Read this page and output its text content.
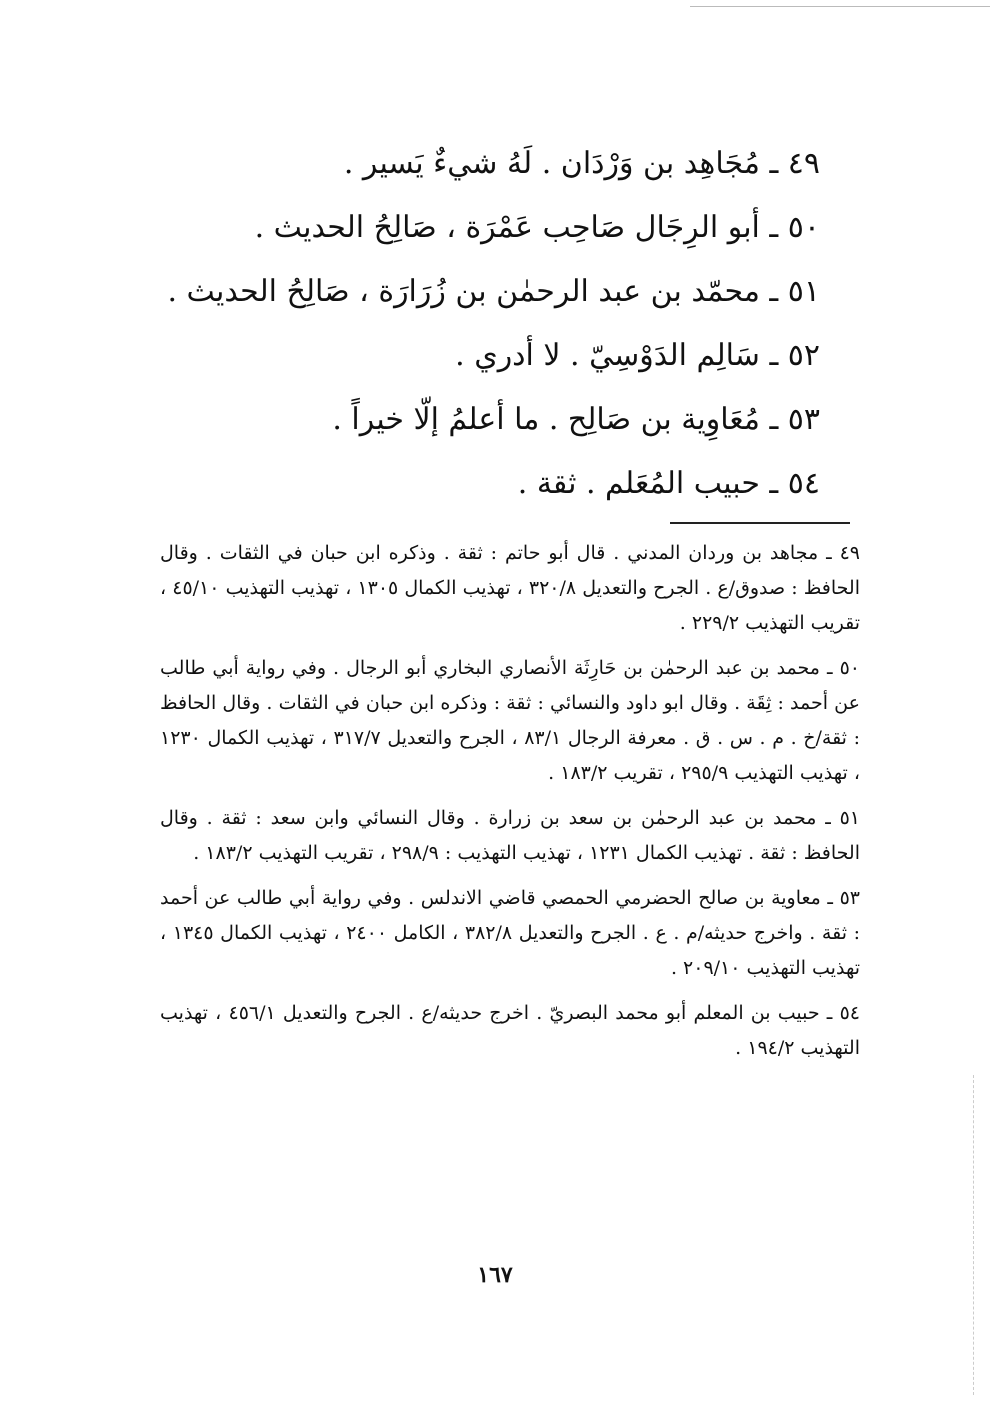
٤٩ ـ مُجَاهِد بن وَرْدَان . لَهُ شيءٌ يَسير .
٥٠ ـ أبو الرِجَال صَاحِب عَمْرَة ، صَالِحُ الحديث .
٥١ ـ محمّد بن عبد الرحمٰن بن زُرَارَة ، صَالِحُ الحديث .
٥٢ ـ سَالِم الدَوْسِيّ . لا أدري .
٥٣ ـ مُعَاوِية بن صَالِح . ما أعلمُ إلّا خيراً .
٥٤ ـ حبيب المُعَلم . ثقة .

٤٩ ـ مجاهد بن وردان المدني . قال أبو حاتم : ثقة . وذكره ابن حبان في الثقات . وقال الحافظ : صدوق/ع . الجرح والتعديل ٣٢٠/٨ ، تهذيب الكمال ١٣٠٥ ، تهذيب التهذيب ٤٥/١٠ ، تقريب التهذيب ٢٢٩/٢ .

٥٠ ـ محمد بن عبد الرحمٰن بن حَارِثَة الأنصاري البخاري أبو الرجال . وفي رواية أبي طالب عن أحمد : ثِقَة . وقال ابو داود والنسائي : ثقة : وذكره ابن حبان في الثقات . وقال الحافظ : ثقة/خ . م . س . ق . معرفة الرجال ٨٣/١ ، الجرح والتعديل ٣١٧/٧ ، تهذيب الكمال ١٢٣٠ ، تهذيب التهذيب ٢٩٥/٩ ، تقريب ١٨٣/٢ .

٥١ ـ محمد بن عبد الرحمٰن بن سعد بن زرارة . وقال النسائي وابن سعد : ثقة . وقال الحافظ : ثقة . تهذيب الكمال ١٢٣١ ، تهذيب التهذيب : ٢٩٨/٩ ، تقريب التهذيب ١٨٣/٢ .

٥٣ ـ معاوية بن صالح الحضرمي الحمصي قاضي الاندلس . وفي رواية أبي طالب عن أحمد : ثقة . واخرج حديثه/م . ع . الجرح والتعديل ٣٨٢/٨ ، الكامل ٢٤٠٠ ، تهذيب الكمال ١٣٤٥ ، تهذيب التهذيب ٢٠٩/١٠ .

٥٤ ـ حبيب بن المعلم أبو محمد البصريّ . اخرج حديثه/ع . الجرح والتعديل ٤٥٦/١ ، تهذيب التهذيب ١٩٤/٢ .

١٦٧
